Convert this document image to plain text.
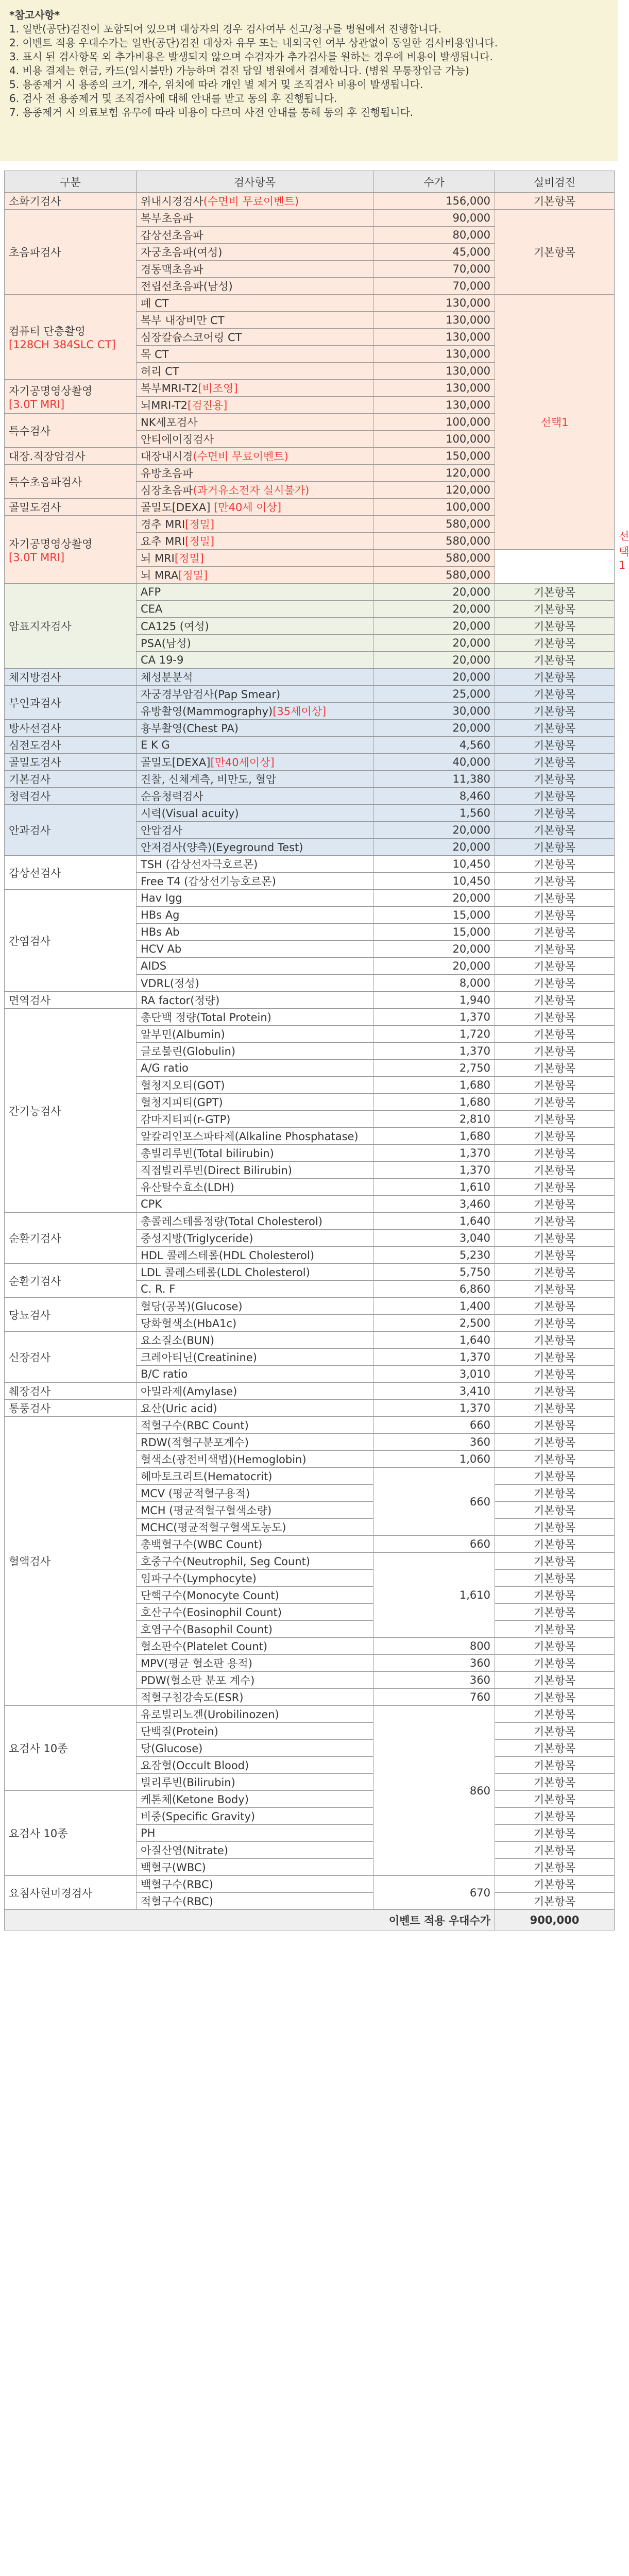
*참고사항*
1. 일반(공단)검진이 포함되어 있으며 대상자의 경우 검사여부 신고/청구를 병원에서 진행합니다.
2. 이벤트 적용 우대수가는 일반(공단)검진 대상자 유무 또는 내외국인 여부 상관없이 동일한 검사비용입니다.
3. 표시 된 검사항목 외 추가비용은 발생되지 않으며 수검자가 추가검사를 원하는 경우에 비용이 발생됩니다.
4. 비용 결제는 현금, 카드(일시불만) 가능하며 검진 당일 병원에서 결제합니다. (병원 무통장입금 가능)
5. 용종제거 시 용종의 크기, 개수, 위치에 따라 개인 별 제거 및 조직검사 비용이 발생됩니다.
6. 검사 전 용종제거 및 조직검사에 대해 안내를 받고 동의 후 진행됩니다.
7. 용종제거 시 의료보험 유무에 따라 비용이 다르며 사전 안내를 통해 동의 후 진행됩니다.
구분	검사항목	수가	실비검진	
소화기검사	위내시경검사(수면비 무료이벤트)	156,000	기본항목	
초음파검사	복부초음파	90,000	기본항목	
	갑상선초음파	80,000		
	자궁초음파(여성)	45,000		
	경동맥초음파	70,000		
	전립선초음파(남성)	70,000		
컴퓨터 단층촬영
[128CH 384SLC CT]	폐 CT	130,000	선택1	
	복부 내장비만 CT	130,000		
	심장칼슘스코어링 CT	130,000		
	목 CT	130,000		
	허리 CT	130,000		
자기공명영상촬영
[3.0T MRI]	복부MRI-T2[비조영]	130,000		
	뇌MRI-T2[검진용]	130,000		
특수검사	NK세포검사	100,000		
	안티에이징검사	100,000		
대장.직장암검사	대장내시경(수면비 무료이벤트)	150,000		
특수초음파검사	유방초음파	120,000		
	심장초음파(과거유소전자 실시불가)	120,000		
골밀도검사	골밀도[DEXA] [만40세 이상]	100,000		
자기공명영상촬영
[3.0T MRI]	경추 MRI[정밀]	580,000		선택1
	요추 MRI[정밀]	580,000		
	뇌 MRI[정밀]	580,000		
	뇌 MRA[정밀]	580,000		
암표지자검사	AFP	20,000	기본항목	
	CEA	20,000	기본항목	
	CA125 (여성)	20,000	기본항목	
	PSA(남성)	20,000	기본항목	
	CA 19-9	20,000	기본항목	
체지방검사	체성분분석	20,000	기본항목	
부인과검사	자궁경부암검사(Pap Smear)	25,000	기본항목	
	유방촬영(Mammography)[35세이상]	30,000	기본항목	
방사선검사	흉부촬영(Chest PA)	20,000	기본항목	
심전도검사	E K G	4,560	기본항목	
골밀도검사	골밀도[DEXA][만40세이상]	40,000	기본항목	
기본검사	진찰, 신체계측, 비만도, 혈압	11,380	기본항목	
청력검사	순음청력검사	8,460	기본항목	
안과검사	시력(Visual acuity)	1,560	기본항목	
	안압검사	20,000	기본항목	
	안저검사(양측)(Eyeground Test)	20,000	기본항목	
갑상선검사	TSH (갑상선자극호르몬)	10,450	기본항목	
	Free T4 (갑상선기능호르몬)	10,450	기본항목	
간염검사	Hav Igg	20,000	기본항목	
	HBs Ag	15,000	기본항목	
	HBs Ab	15,000	기본항목	
	HCV Ab	20,000	기본항목	
	AIDS	20,000	기본항목	
	VDRL(정성)	8,000	기본항목	
면역검사	RA factor(정량)	1,940	기본항목	
간기능검사	총단백 정량(Total Protein)	1,370	기본항목	
	알부민(Albumin)	1,720	기본항목	
	글로불린(Globulin)	1,370	기본항목	
	A/G ratio	2,750	기본항목	
	혈청지오티(GOT)	1,680	기본항목	
	혈청지피티(GPT)	1,680	기본항목	
	감마지티피(r-GTP)	2,810	기본항목	
	알칼리인포스파타제(Alkaline Phosphatase)	1,680	기본항목	
	총빌리루빈(Total bilirubin)	1,370	기본항목	
	직접빌리루빈(Direct Bilirubin)	1,370	기본항목	
	유산탈수효소(LDH)	1,610	기본항목	
	CPK	3,460	기본항목	
순환기검사	총콜레스테롤정량(Total Cholesterol)	1,640	기본항목	
	중성지방(Triglyceride)	3,040	기본항목	
	HDL 콜레스테롤(HDL Cholesterol)	5,230	기본항목	
순환기검사	LDL 콜레스테롤(LDL Cholesterol)	5,750	기본항목	
	C. R. F	6,860	기본항목	
당뇨검사	혈당(공복)(Glucose)	1,400	기본항목	
	당화혈색소(HbA1c)	2,500	기본항목	
신장검사	요소질소(BUN)	1,640	기본항목	
	크레아티닌(Creatinine)	1,370	기본항목	
	B/C ratio	3,010	기본항목	
췌장검사	아밀라제(Amylase)	3,410	기본항목	
통풍검사	요산(Uric acid)	1,370	기본항목	
혈액검사	적혈구수(RBC Count)	660	기본항목	
	RDW(적혈구분포계수)	360	기본항목	
	혈색소(광전비색법)(Hemoglobin)	1,060	기본항목	
	헤마토크리트(Hematocrit)	660	기본항목	
	MCV (평균적혈구용적)		기본항목	
	MCH (평균적혈구혈색소량)		기본항목	
	MCHC(평균적혈구혈색도농도)		기본항목	
	총백혈구수(WBC Count)	660	기본항목	
	호중구수(Neutrophil, Seg Count)	1,610	기본항목	
	임파구수(Lymphocyte)		기본항목	
	단핵구수(Monocyte Count)		기본항목	
	호산구수(Eosinophil Count)		기본항목	
	호염구수(Basophil Count)		기본항목	
	혈소판수(Platelet Count)	800	기본항목	
	MPV(평균 혈소판 용적)	360	기본항목	
	PDW(혈소판 분포 계수)	360	기본항목	
	적혈구침강속도(ESR)	760	기본항목	
요검사 10종	유로빌리노겐(Urobilinozen)	860	기본항목	
	단백질(Protein)		기본항목	
	당(Glucose)		기본항목	
	요잠혈(Occult Blood)		기본항목	
	빌리루빈(Bilirubin)		기본항목	
요검사 10종	케톤체(Ketone Body)		기본항목	
	비중(Specific Gravity)		기본항목	
	PH		기본항목	
	아질산염(Nitrate)		기본항목	
	백혈구(WBC)		기본항목	
요침사현미경검사	백혈구수(RBC)	670	기본항목	
	적혈구수(RBC)		기본항목	
이벤트 적용 우대수가			900,000	
